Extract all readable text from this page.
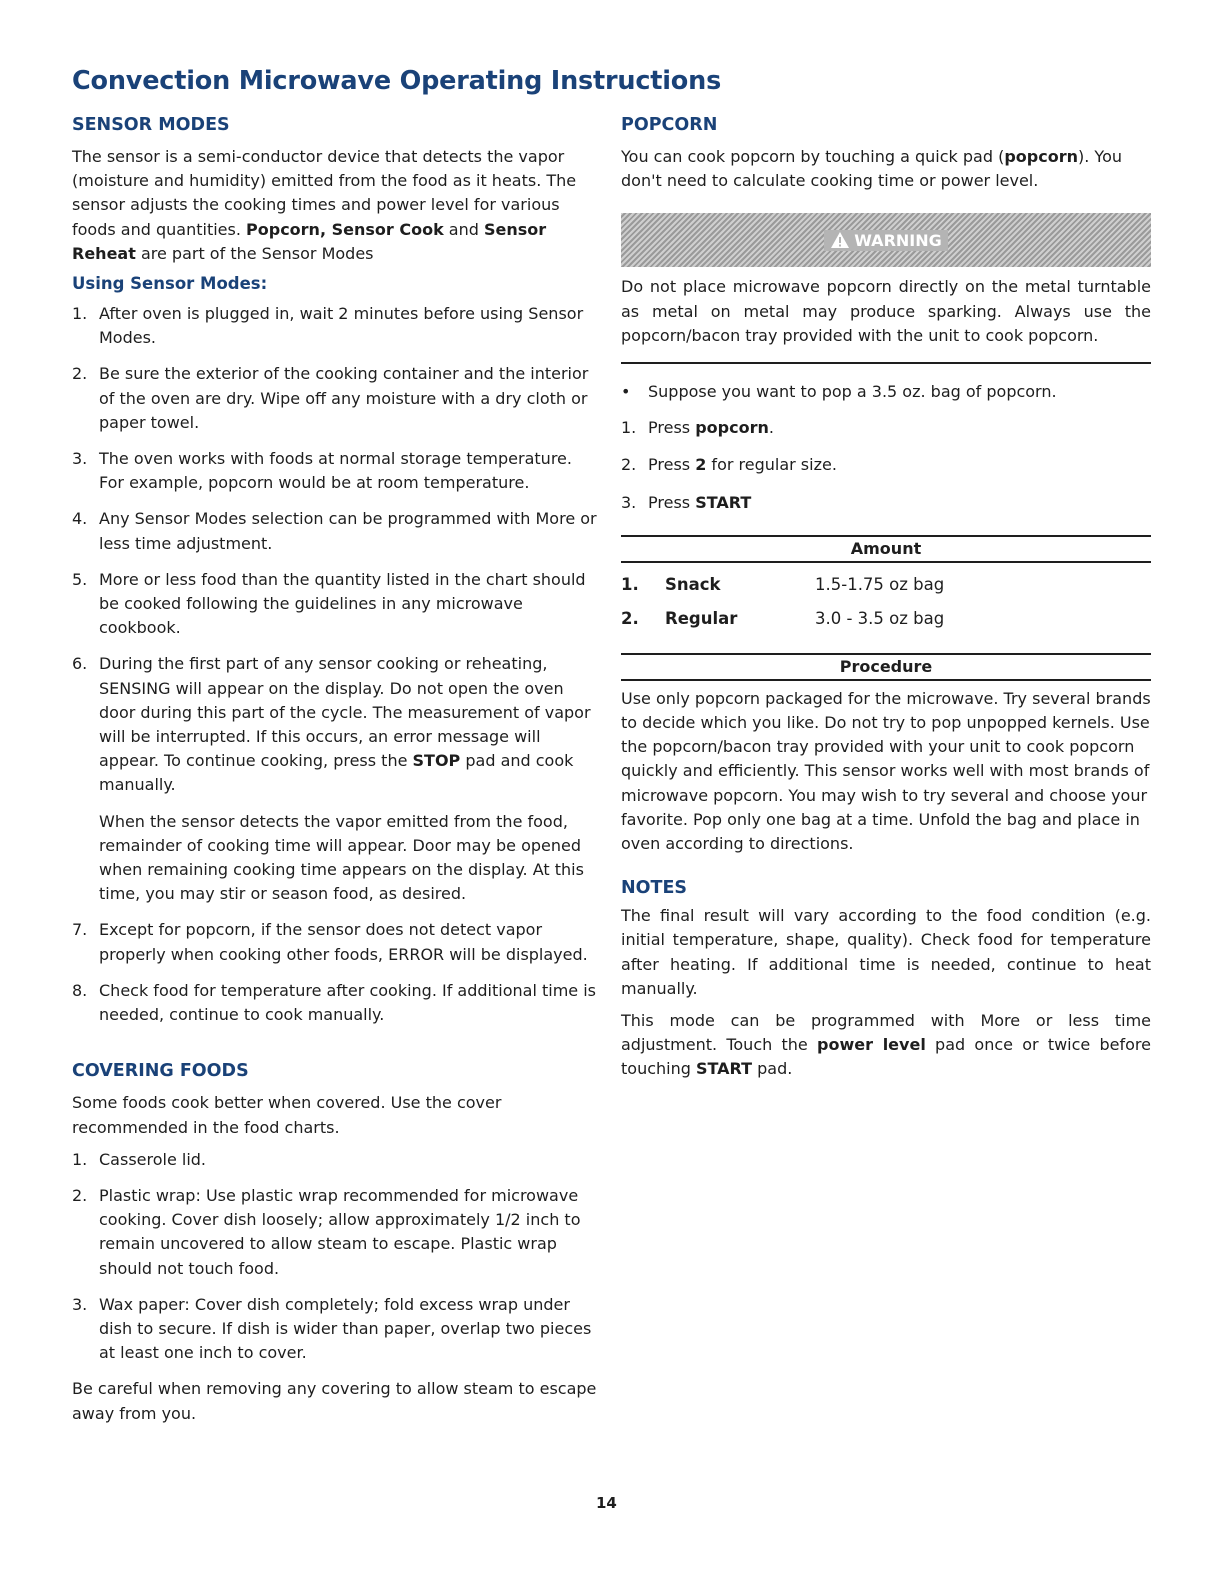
Convection Microwave Operating Instructions
SENSOR MODES

The sensor is a semi-conductor device that detects the vapor (moisture and humidity) emitted from the food as it heats. The sensor adjusts the cooking times and power level for various foods and quantities. Popcorn, Sensor Cook and Sensor Reheat are part of the Sensor Modes

Using Sensor Modes:
1. After oven is plugged in, wait 2 minutes before using Sensor Modes.
2. Be sure the exterior of the cooking container and the interior of the oven are dry. Wipe off any moisture with a dry cloth or paper towel.
3. The oven works with foods at normal storage temperature. For example, popcorn would be at room temperature.
4. Any Sensor Modes selection can be programmed with More or less time adjustment.
5. More or less food than the quantity listed in the chart should be cooked following the guidelines in any microwave cookbook.
6. During the first part of any sensor cooking or reheating, SENSING will appear on the display. Do not open the oven door during this part of the cycle. The measurement of vapor will be interrupted. If this occurs, an error message will appear. To continue cooking, press the STOP pad and cook manually.

When the sensor detects the vapor emitted from the food, remainder of cooking time will appear. Door may be opened when remaining cooking time appears on the display. At this time, you may stir or season food, as desired.

7. Except for popcorn, if the sensor does not detect vapor properly when cooking other foods, ERROR will be displayed.
8. Check food for temperature after cooking. If additional time is needed, continue to cook manually.
COVERING FOODS

Some foods cook better when covered. Use the cover recommended in the food charts.

1. Casserole lid.
2. Plastic wrap: Use plastic wrap recommended for microwave cooking. Cover dish loosely; allow approximately 1/2 inch to remain uncovered to allow steam to escape. Plastic wrap should not touch food.
3. Wax paper: Cover dish completely; fold excess wrap under dish to secure. If dish is wider than paper, overlap two pieces at least one inch to cover.

Be careful when removing any covering to allow steam to escape away from you.

POPCORN

You can cook popcorn by touching a quick pad (popcorn). You don't need to calculate cooking time or power level.

WARNING

Do not place microwave popcorn directly on the metal turntable as metal on metal may produce sparking. Always use the popcorn/bacon tray provided with the unit to cook popcorn.

• Suppose you want to pop a 3.5 oz. bag of popcorn.

1. Press popcorn.
2. Press 2 for regular size.
3. Press START
Amount
1.	Snack	1.5-1.75 oz bag
2.	Regular	3.0 - 3.5 oz bag
Procedure

Use only popcorn packaged for the microwave. Try several brands to decide which you like. Do not try to pop unpopped kernels. Use the popcorn/bacon tray provided with your unit to cook popcorn quickly and efficiently. This sensor works well with most brands of microwave popcorn. You may wish to try several and choose your favorite. Pop only one bag at a time. Unfold the bag and place in oven according to directions.

NOTES

The final result will vary according to the food condition (e.g. initial temperature, shape, quality). Check food for temperature after heating. If additional time is needed, continue to heat manually.

This mode can be programmed with More or less time adjustment. Touch the power level pad once or twice before touching START pad.

14
